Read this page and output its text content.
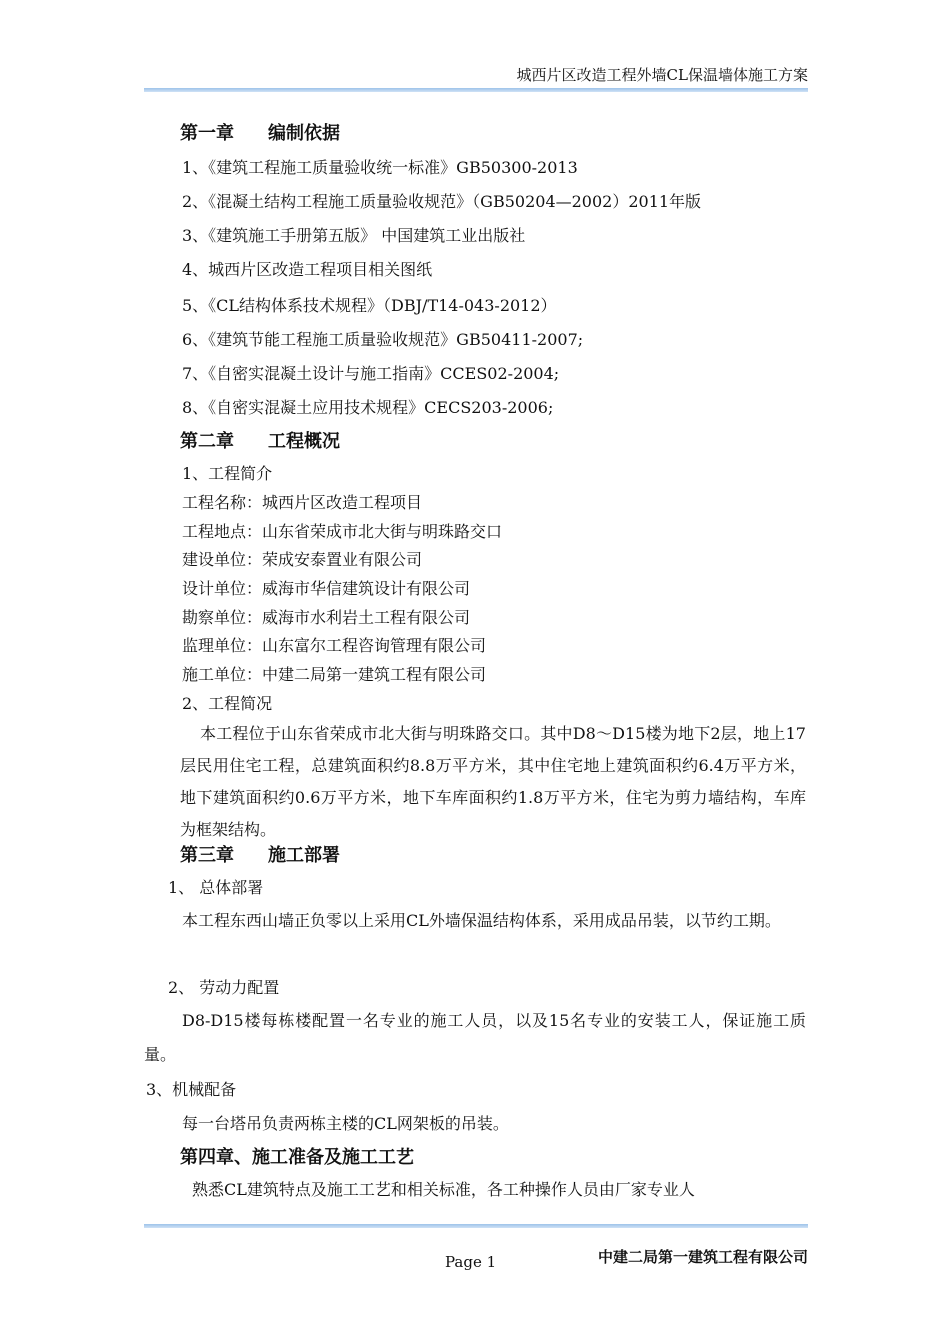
城西片区改造工程外墙CL保温墙体施工方案
第一章 编制依据
1、《建筑工程施工质量验收统一标准》GB50300-2013
2、《混凝土结构工程施工质量验收规范》（GB50204—2002）2011年版
3、《建筑施工手册第五版》 中国建筑工业出版社
4、城西片区改造工程项目相关图纸
5、《CL结构体系技术规程》（DBJ/T14-043-2012）
6、《建筑节能工程施工质量验收规范》GB50411-2007;
7、《自密实混凝土设计与施工指南》CCES02-2004;
8、《自密实混凝土应用技术规程》CECS203-2006;
第二章 工程概况
1、工程简介
工程名称：城西片区改造工程项目
工程地点：山东省荣成市北大街与明珠路交口
建设单位：荣成安泰置业有限公司
设计单位：威海市华信建筑设计有限公司
勘察单位：威海市水利岩土工程有限公司
监理单位：山东富尔工程咨询管理有限公司
施工单位：中建二局第一建筑工程有限公司
2、工程简况
本工程位于山东省荣成市北大街与明珠路交口。其中D8～D15楼为地下2层，地上17 层民用住宅工程，总建筑面积约8.8万平方米，其中住宅地上建筑面积约6.4万平方米，地下建筑面积约0.6万平方米，地下车库面积约1.8万平方米，住宅为剪力墙结构，车库为框架结构。
第三章 施工部署
1、 总体部署
本工程东西山墙正负零以上采用CL外墙保温结构体系，采用成品吊装，以节约工期。
2、 劳动力配置
D8-D15楼每栋楼配置一名专业的施工人员，以及15名专业的安装工人，保证施工质量。
3、机械配备
每一台塔吊负责两栋主楼的CL网架板的吊装。
第四章、施工准备及施工工艺
熟悉CL建筑特点及施工工艺和相关标准，各工种操作人员由厂家专业人
Page 1	中建二局第一建筑工程有限公司
